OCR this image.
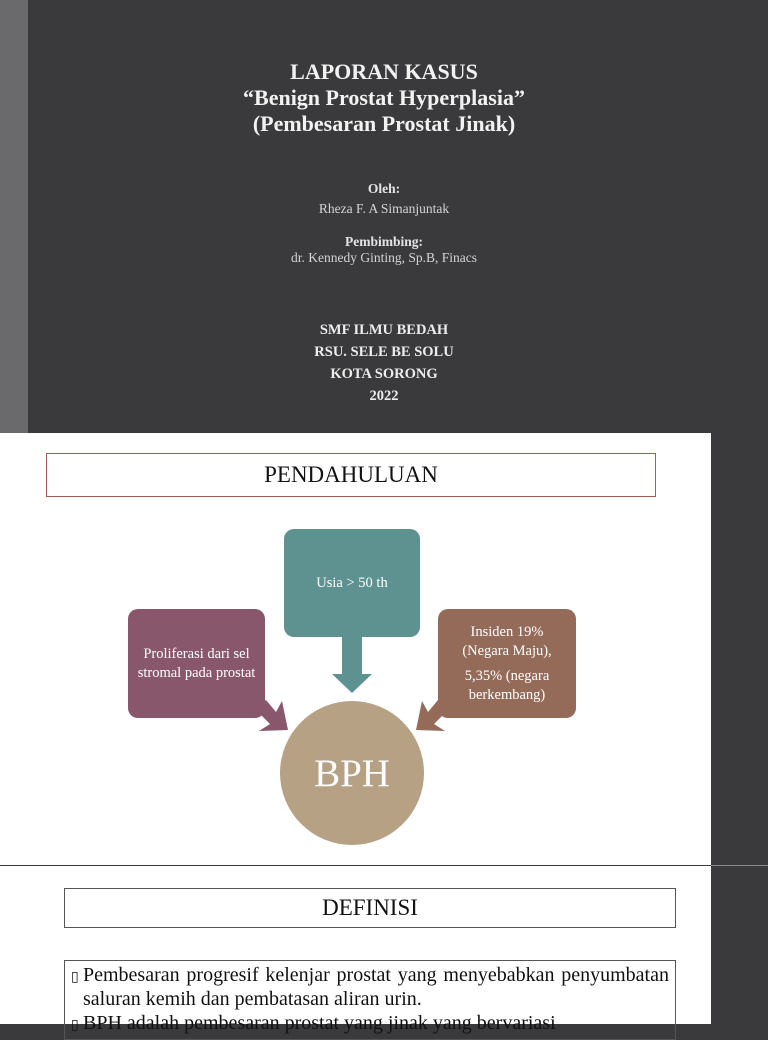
LAPORAN KASUS
“Benign Prostat Hyperplasia”
(Pembesaran Prostat Jinak)
Oleh:
Rheza F. A Simanjuntak
Pembimbing:
dr. Kennedy Ginting, Sp.B, Finacs
SMF ILMU BEDAH
RSU. SELE BE SOLU
KOTA SORONG
2022
PENDAHULUAN
Usia > 50 th
Proliferasi dari sel stromal pada prostat
Insiden 19% (Negara Maju),
5,35% (negara berkembang)
BPH
DEFINISI
▯ Pembesaran progresif kelenjar prostat yang menyebabkan penyumbatan saluran kemih dan pembatasan aliran urin.
▯ BPH adalah pembesaran prostat yang jinak yang bervariasi
